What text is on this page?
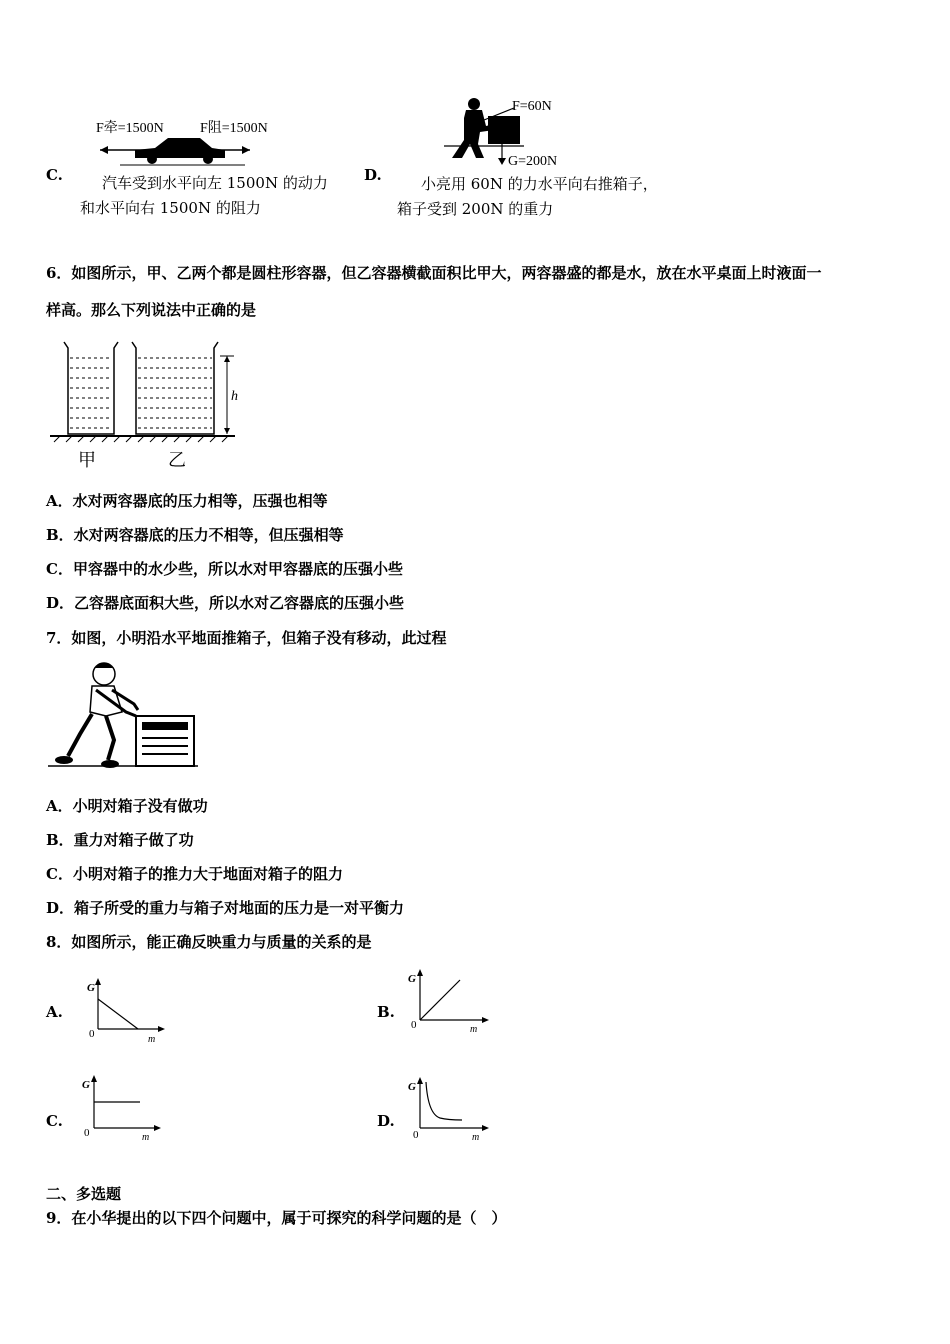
C.
F牵=1500N	F阻=1500N
汽车受到水平向左 1500N 的动力
和水平向右 1500N 的阻力
D.
F=60N
G=200N
小亮用 60N 的力水平向右推箱子，
箱子受到 200N 的重力
6．如图所示，甲、乙两个都是圆柱形容器，但乙容器横截面积比甲大，两容器盛的都是水，放在水平桌面上时液面一
样高。那么下列说法中正确的是
h
甲	乙
A．水对两容器底的压力相等，压强也相等
B．水对两容器底的压力不相等，但压强相等
C．甲容器中的水少些，所以水对甲容器底的压强小些
D．乙容器底面积大些，所以水对乙容器底的压强小些
7．如图，小明沿水平地面推箱子，但箱子没有移动，此过程
A．小明对箱子没有做功
B．重力对箱子做了功
C．小明对箱子的推力大于地面对箱子的阻力
D．箱子所受的重力与箱子对地面的压力是一对平衡力
8．如图所示，能正确反映重力与质量的关系的是
A.
G
0	m
B.
G
0	m
C.
G
0	m
D.
G
0	m
二、多选题
9．在小华提出的以下四个问题中，属于可探究的科学问题的是（　）
